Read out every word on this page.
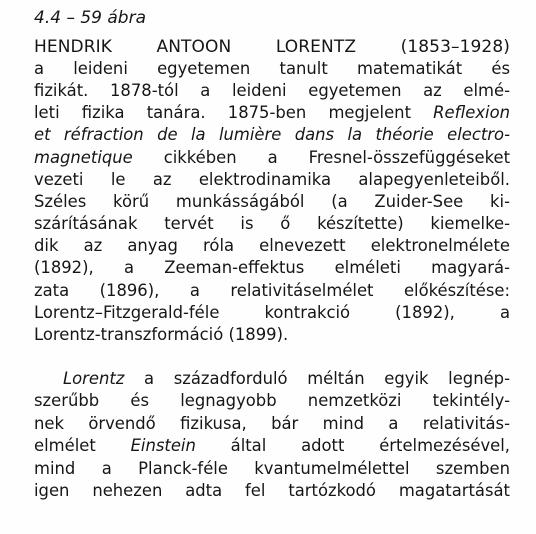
4.4 – 59 ábra
HENDRIK ANTOON LORENTZ	(1853–1928)
a leideni egyetemen tanult matematikát és
fizikát. 1878-tól a leideni egyetemen az elmé-
leti fizika tanára. 1875-ben megjelent Reflexion
et réfraction de la lumière dans la théorie electro-
magnetique cikkében a Fresnel-összefüggéseket
vezeti le az elektrodinamika alapegyenleteiből.
Széles körű munkásságából (a Zuider-See ki-
szárításának tervét is ő készítette) kiemelke-
dik az anyag róla elnevezett elektronelmélete
(1892), a Zeeman-effektus elméleti magyará-
zata (1896), a relativitáselmélet előkészítése:
Lorentz–Fitzgerald-féle kontrakció (1892), a
Lorentz-transzformáció (1899).
Lorentz a századforduló méltán egyik legnép-
szerűbb és legnagyobb nemzetközi tekintély-
nek örvendő fizikusa, bár mind a relativitás-
elmélet Einstein által adott értelmezésével,
mind a Planck-féle kvantumelmélettel szemben
igen nehezen adta fel tartózkodó magatartását
